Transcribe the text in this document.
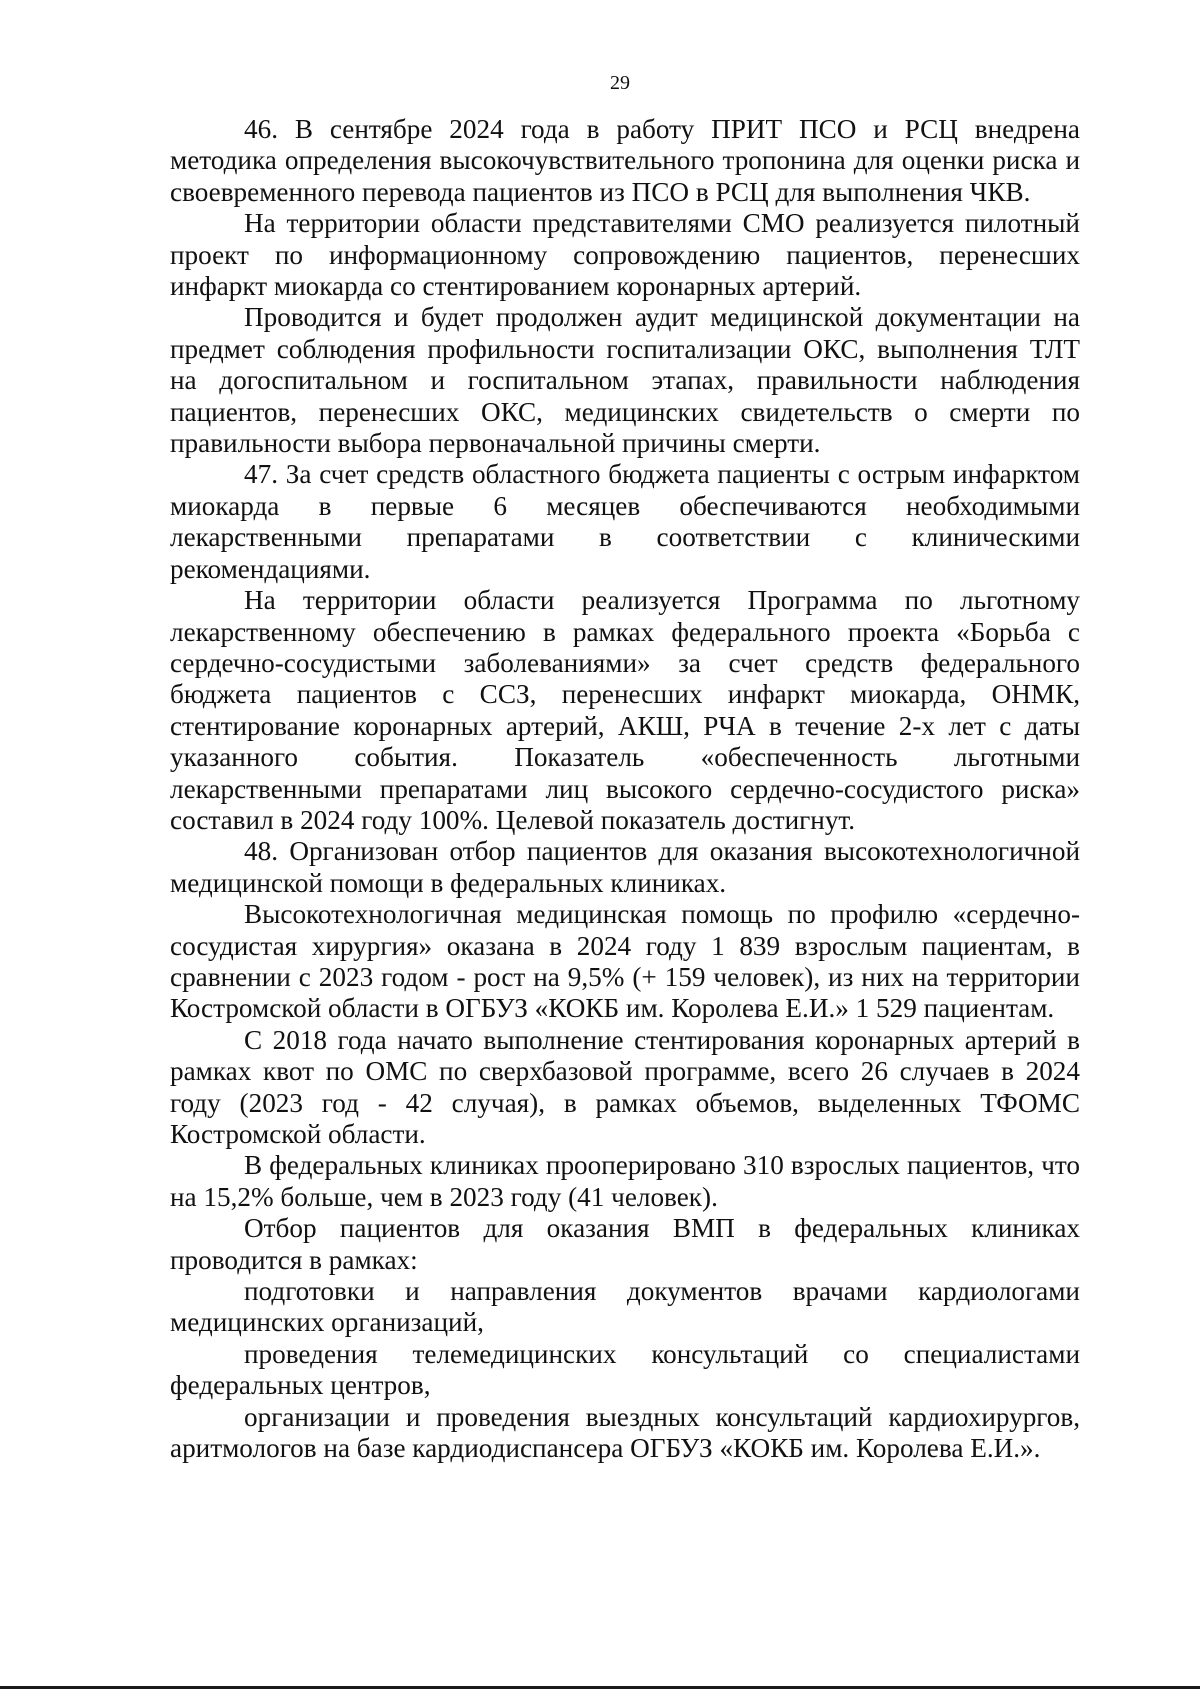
29

46. В сентябре 2024 года в работу ПРИТ ПСО и РСЦ внедрена методика определения высокочувствительного тропонина для оценки риска и своевременного перевода пациентов из ПСО в РСЦ для выполнения ЧКВ.

На территории области представителями СМО реализуется пилотный проект по информационному сопровождению пациентов, перенесших инфаркт миокарда со стентированием коронарных артерий.

Проводится и будет продолжен аудит медицинской документации на предмет соблюдения профильности госпитализации ОКС, выполнения ТЛТ на догоспитальном и госпитальном этапах, правильности наблюдения пациентов, перенесших ОКС, медицинских свидетельств о смерти по правильности выбора первоначальной причины смерти.

47. За счет средств областного бюджета пациенты с острым инфарктом миокарда в первые 6 месяцев обеспечиваются необходимыми лекарственными препаратами в соответствии с клиническими рекомендациями.

На территории области реализуется Программа по льготному лекарственному обеспечению в рамках федерального проекта «Борьба с сердечно-сосудистыми заболеваниями» за счет средств федерального бюджета пациентов с ССЗ, перенесших инфаркт миокарда, ОНМК, стентирование коронарных артерий, АКШ, РЧА в течение 2-х лет с даты указанного события. Показатель «обеспеченность льготными лекарственными препаратами лиц высокого сердечно-сосудистого риска» составил в 2024 году 100%. Целевой показатель достигнут.

48. Организован отбор пациентов для оказания высокотехнологичной медицинской помощи в федеральных клиниках.

Высокотехнологичная медицинская помощь по профилю «сердечно-сосудистая хирургия» оказана в 2024 году 1 839 взрослым пациентам, в сравнении с 2023 годом - рост на 9,5% (+ 159 человек), из них на территории Костромской области в ОГБУЗ «КОКБ им. Королева Е.И.» 1 529 пациентам.

С 2018 года начато выполнение стентирования коронарных артерий в рамках квот по ОМС по сверхбазовой программе, всего 26 случаев в 2024 году (2023 год - 42 случая), в рамках объемов, выделенных ТФОМС Костромской области.

В федеральных клиниках прооперировано 310 взрослых пациентов, что на 15,2% больше, чем в 2023 году (41 человек).

Отбор пациентов для оказания ВМП в федеральных клиниках проводится в рамках:

подготовки и направления документов врачами кардиологами медицинских организаций,

проведения телемедицинских консультаций со специалистами федеральных центров,

организации и проведения выездных консультаций кардиохирургов, аритмологов на базе кардиодиспансера ОГБУЗ «КОКБ им. Королева Е.И.».
